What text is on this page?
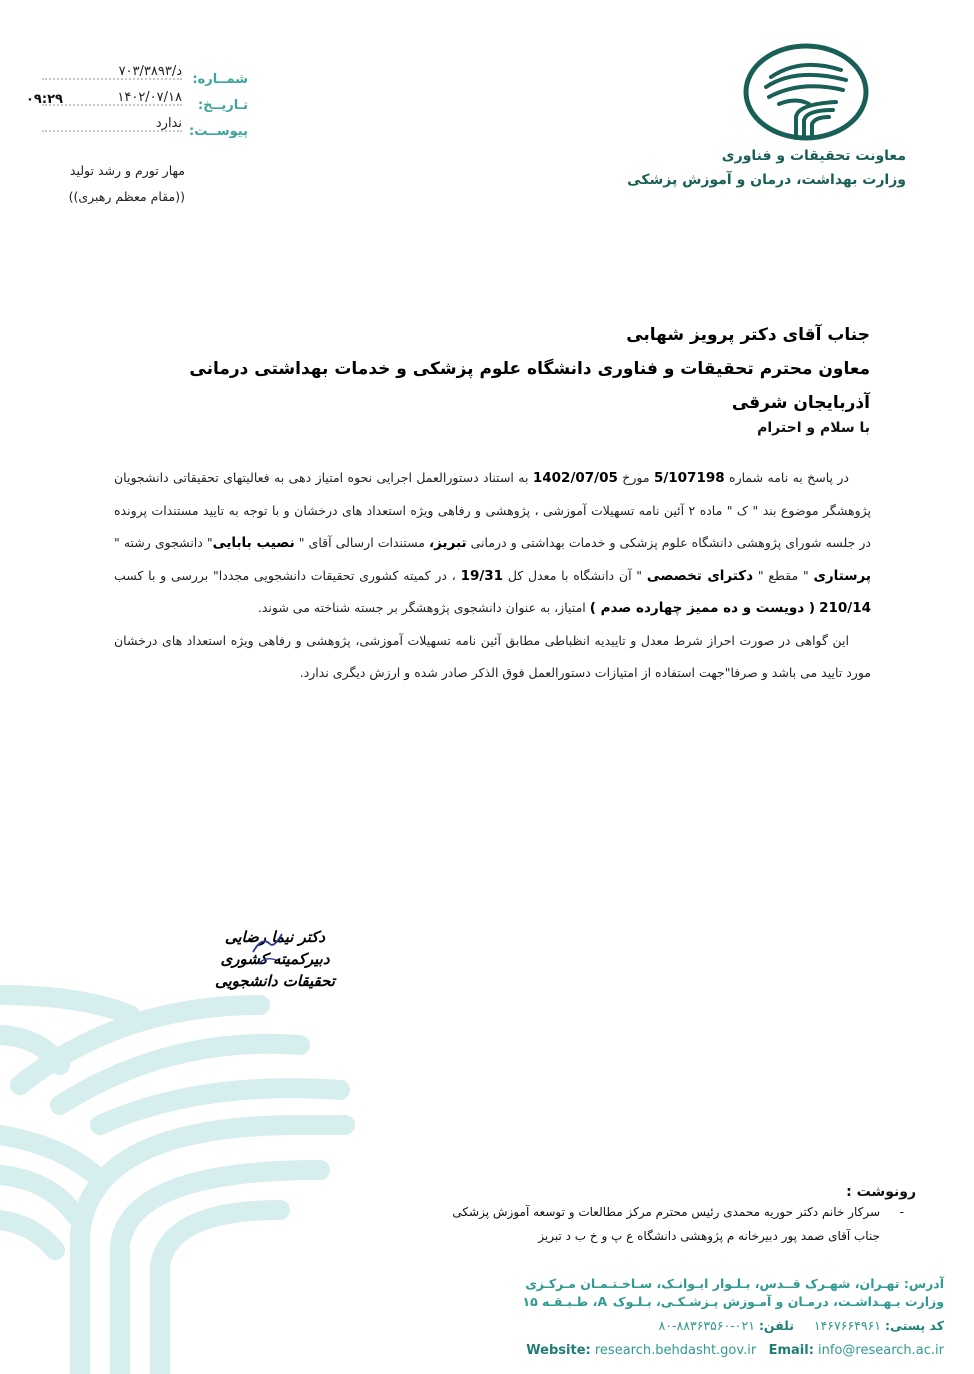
د/۷۰۳/۳۸۹۳
شمــاره:
۱۴۰۲/۰۷/۱۸
تـاریــخ:
ندارد
پیوســت:
۰۹:۲۹
مهار تورم و رشد تولید
((مقام معظم رهبری))
معاونت تحقیقات و فناوری
وزارت بهداشت، درمان و آموزش پزشکی
جناب آقای دکتر پرویز شهابی
معاون محترم تحقیقات و فناوری دانشگاه علوم پزشکی و خدمات بهداشتی درمانی آذربایجان شرقی
با سلام و احترام

در پاسخ به نامه شماره 5/107198 مورخ 1402/07/05 به استناد دستورالعمل اجرایی نحوه امتیاز دهی به فعالیتهای تحقیقاتی دانشجویان پژوهشگر موضوع بند " ک " ماده ۲ آئین نامه تسهیلات آموزشی ، پژوهشی و رفاهی ویژه استعداد های درخشان و با توجه به تایید مستندات پرونده در جلسه شورای پژوهشی دانشگاه علوم پزشکی و خدمات بهداشتی و درمانی تبریز، مستندات ارسالی آقای " نصیب بابایی" دانشجوی رشته " پرستاری " مقطع " دکترای تخصصی " آن دانشگاه با معدل کل 19/31 ، در کمیته کشوری تحقیقات دانشجویی مجددا" بررسی و با کسب 210/14 ( دویست و ده ممیز چهارده صدم ) امتیاز، به عنوان دانشجوی پژوهشگر بر جسته شناخته می شوند.

این گواهی در صورت احراز شرط معدل و تاییدیه انظباطی مطابق آئین نامه تسهیلات آموزشی، پژوهشی و رفاهی ویژه استعداد های درخشان مورد تایید می باشد و صرفا"جهت استفاده از امتیازات دستورالعمل فوق الذکر صادر شده و ارزش دیگری ندارد.

دکتر نیما رضایی
دبیرکمیته کشوری
تحقیقات دانشجویی
رونوشت :
-
سرکار خانم دکتر حوریه محمدی رئیس محترم مرکز مطالعات و توسعه آموزش پزشکی
جناب آقای صمد پور دبیرخانه م پژوهشی دانشگاه ع پ و خ ب د تبریز
آدرس: تهـران، شهـرک قــدس، بـلـوار ایـوانـک، سـاخـتـمـان مـرکـزی
وزارت بـهـداشـت، درمـان و آمـوزش پـزشـکـی، بـلـوک A، طـبـقـه ۱۵
کد پستی: ۱۴۶۷۶۶۴۹۶۱     تلفن: ۰۲۱-۸۸۳۶۳۵۶۰-۸۰
Website: research.behdasht.gov.ir Email: info@research.ac.ir
